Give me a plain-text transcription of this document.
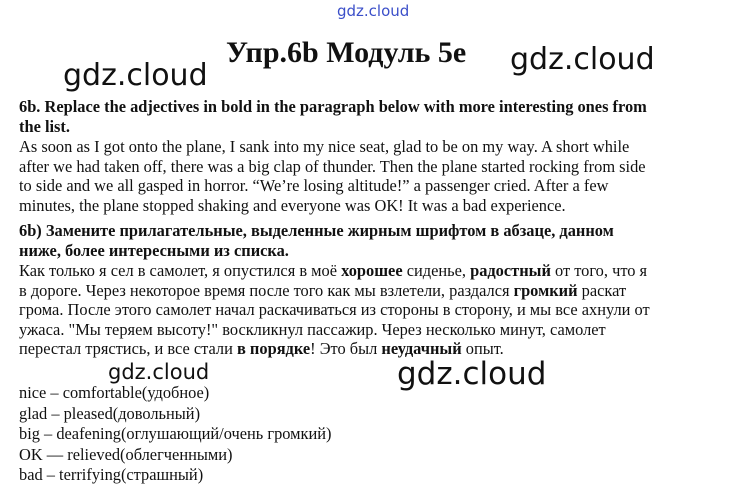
gdz.cloud
gdz.cloud	gdz.cloud
gdz.cloud	gdz.cloud
Упр.6b Модуль 5е
6b. Replace the adjectives in bold in the paragraph below with more interesting ones from
the list.
As soon as I got onto the plane, I sank into my nice seat, glad to be on my way. A short while
after we had taken off, there was a big clap of thunder. Then the plane started rocking from side
to side and we all gasped in horror. “We’re losing altitude!” a passenger cried. After a few
minutes, the plane stopped shaking and everyone was OK! It was a bad experience.
6b) Замените прилагательные, выделенные жирным шрифтом в абзаце, данном
ниже, более интересными из списка.
Как только я сел в самолет, я опустился в моё хорошее сиденье, радостный от того, что я
в дороге. Через некоторое время после того как мы взлетели, раздался громкий раскат
грома. После этого самолет начал раскачиваться из стороны в сторону, и мы все ахнули от
ужаса. "Мы теряем высоту!" воскликнул пассажир. Через несколько минут, самолет
перестал трястись, и все стали в порядке! Это был неудачный опыт.
nice – comfortable(удобное)
glad – pleased(довольный)
big – deafening(оглушающий/очень громкий)
OK — relieved(облегченными)
bad – terrifying(страшный)
